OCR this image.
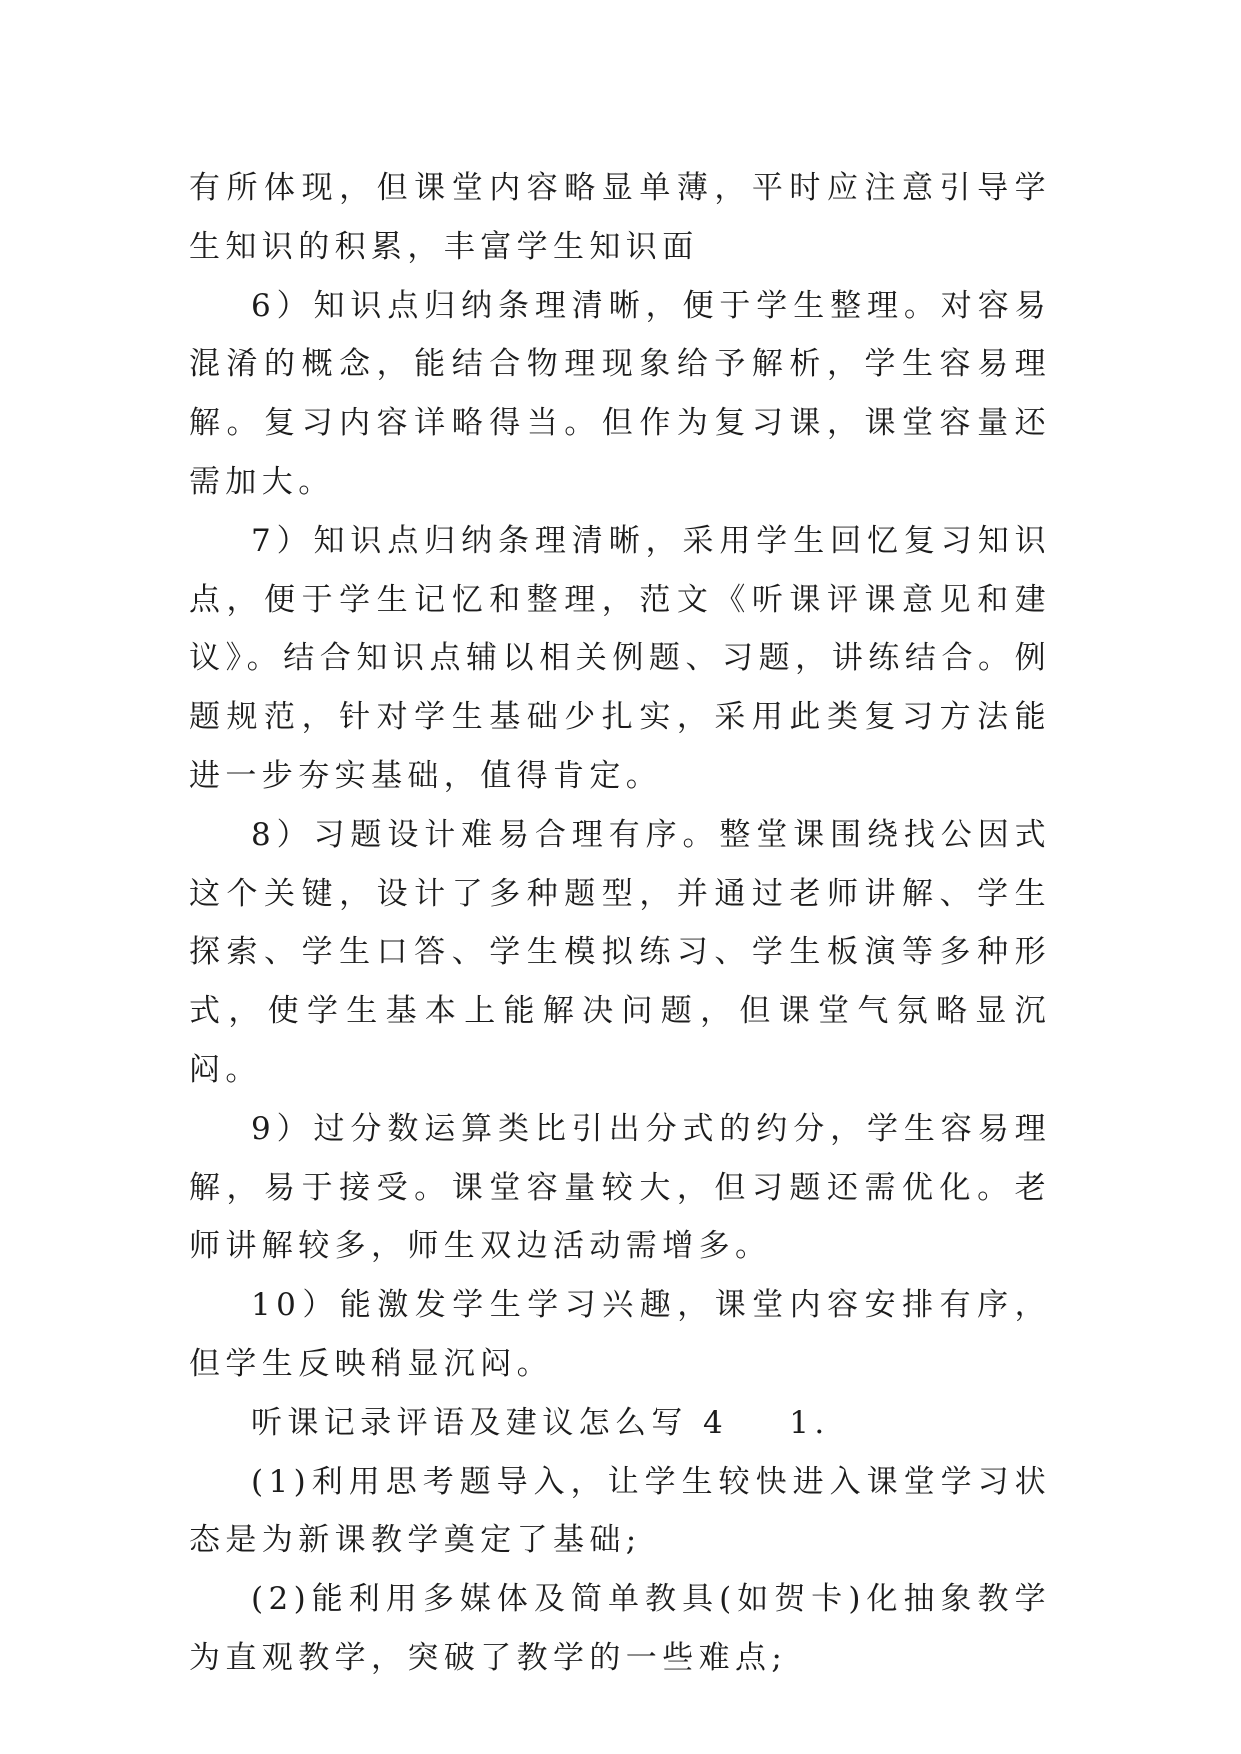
有所体现，但课堂内容略显单薄，平时应注意引导学生知识的积累，丰富学生知识面

6）知识点归纳条理清晰，便于学生整理。对容易混淆的概念，能结合物理现象给予解析，学生容易理解。复习内容详略得当。但作为复习课，课堂容量还需加大。

7）知识点归纳条理清晰，采用学生回忆复习知识点，便于学生记忆和整理，范文《听课评课意见和建议》。结合知识点辅以相关例题、习题，讲练结合。例题规范，针对学生基础少扎实，采用此类复习方法能进一步夯实基础，值得肯定。

8）习题设计难易合理有序。整堂课围绕找公因式这个关键，设计了多种题型，并通过老师讲解、学生探索、学生口答、学生模拟练习、学生板演等多种形式，使学生基本上能解决问题，但课堂气氛略显沉闷。

9）过分数运算类比引出分式的约分，学生容易理解，易于接受。课堂容量较大，但习题还需优化。老师讲解较多，师生双边活动需增多。

10）能激发学生学习兴趣，课堂内容安排有序，但学生反映稍显沉闷。

听课记录评语及建议怎么写 4    1.

(1)利用思考题导入，让学生较快进入课堂学习状态是为新课教学奠定了基础;

(2)能利用多媒体及简单教具(如贺卡)化抽象教学为直观教学，突破了教学的一些难点;
